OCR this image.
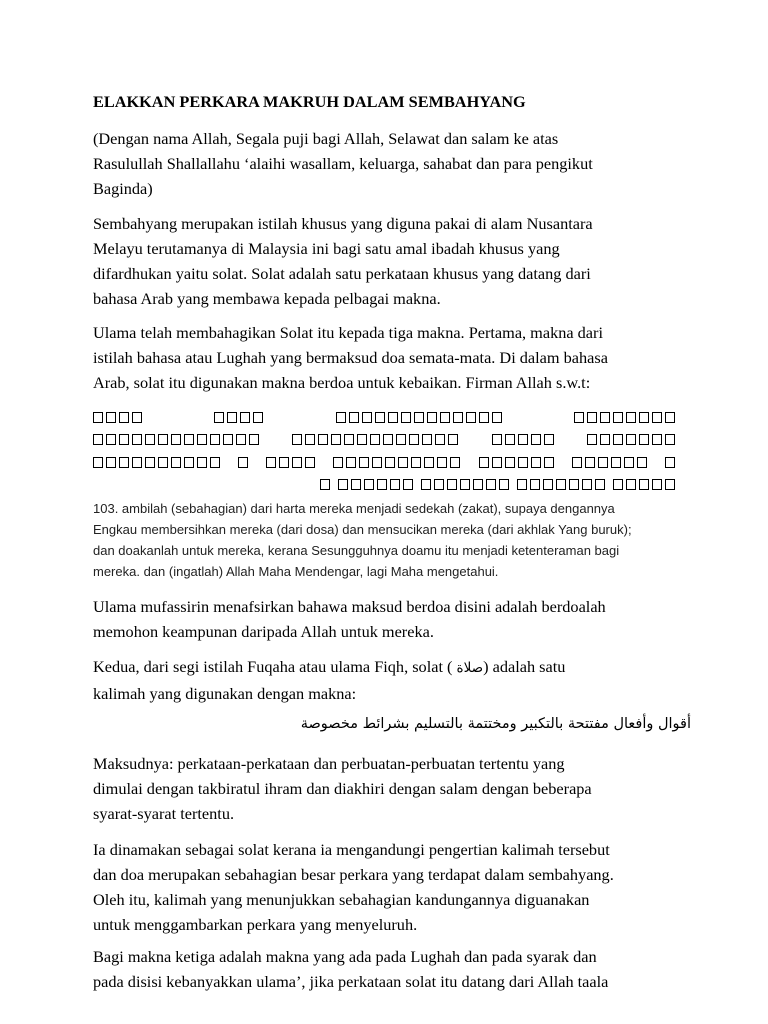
ELAKKAN PERKARA MAKRUH DALAM SEMBAHYANG
(Dengan nama Allah, Segala puji bagi Allah, Selawat dan salam ke atas
Rasulullah Shallallahu ‘alaihi wasallam, keluarga, sahabat dan para pengikut
Baginda)
Sembahyang merupakan istilah khusus yang diguna pakai di alam Nusantara
Melayu terutamanya di Malaysia ini bagi satu amal ibadah khusus yang
difardhukan yaitu solat. Solat adalah satu perkataan khusus yang datang dari
bahasa Arab yang membawa kepada pelbagai makna.
Ulama telah membahagikan Solat itu kepada tiga makna. Pertama, makna dari
istilah bahasa atau Lughah yang bermaksud doa semata-mata. Di dalam bahasa
Arab, solat itu digunakan makna berdoa untuk kebaikan. Firman Allah s.w.t:
103. ambilah (sebahagian) dari harta mereka menjadi sedekah (zakat), supaya dengannya
Engkau membersihkan mereka (dari dosa) dan mensucikan mereka (dari akhlak Yang buruk);
dan doakanlah untuk mereka, kerana Sesungguhnya doamu itu menjadi ketenteraman bagi
mereka. dan (ingatlah) Allah Maha Mendengar, lagi Maha mengetahui.
Ulama mufassirin menafsirkan bahawa maksud berdoa disini adalah berdoalah
memohon keampunan daripada Allah untuk mereka.
Kedua, dari segi istilah Fuqaha atau ulama Fiqh, solat ( صلاة) adalah satu
kalimah yang digunakan dengan makna:
أقوال وأفعال مفتتحة بالتكبير ومختتمة بالتسليم بشرائط مخصوصة
Maksudnya: perkataan-perkataan dan perbuatan-perbuatan tertentu yang
dimulai dengan takbiratul ihram dan diakhiri dengan salam dengan beberapa
syarat-syarat tertentu.
Ia dinamakan sebagai solat kerana ia mengandungi pengertian kalimah tersebut
dan doa merupakan sebahagian besar perkara yang terdapat dalam sembahyang.
Oleh itu, kalimah yang menunjukkan sebahagian kandungannya diguanakan
untuk menggambarkan perkara yang menyeluruh.
Bagi makna ketiga adalah makna yang ada pada Lughah dan pada syarak dan
pada disisi kebanyakkan ulama’, jika perkataan solat itu datang dari Allah taala
